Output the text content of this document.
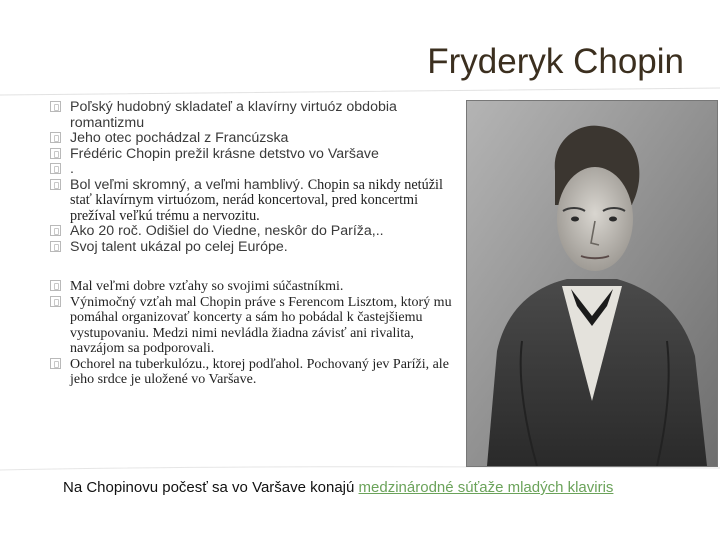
Fryderyk Chopin
Poľský hudobný skladateľ a klavírny virtuóz obdobia romantizmu
Jeho otec pochádzal z Francúzska
Frédéric Chopin prežil krásne detstvo vo Varšave
.
Bol veľmi skromný, a veľmi hamblivý. Chopin sa nikdy netúžil stať klavírnym virtuózom, nerád koncertoval, pred koncertmi prežíval veľkú trému a nervozitu.
Ako 20 roč. Odišiel do Viedne, neskôr do Paríža,..
Svoj talent ukázal po celej Európe.
Mal veľmi dobre vzťahy so svojimi súčastníkmi.
Výnimočný vzťah mal Chopin práve s Ferencom Lisztom, ktorý mu pomáhal organizovať koncerty a sám ho pobádal k častejšiemu vystupovaniu. Medzi nimi nevládla žiadna závisť ani rivalita, navzájom sa podporovali.
Ochorel na tuberkulózu., ktorej podľahol. Pochovaný jev Paríži, ale jeho srdce je uložené vo Varšave.
Na Chopinovu počesť sa vo Varšave konajú medzinárodné súťaže mladých klaviris
